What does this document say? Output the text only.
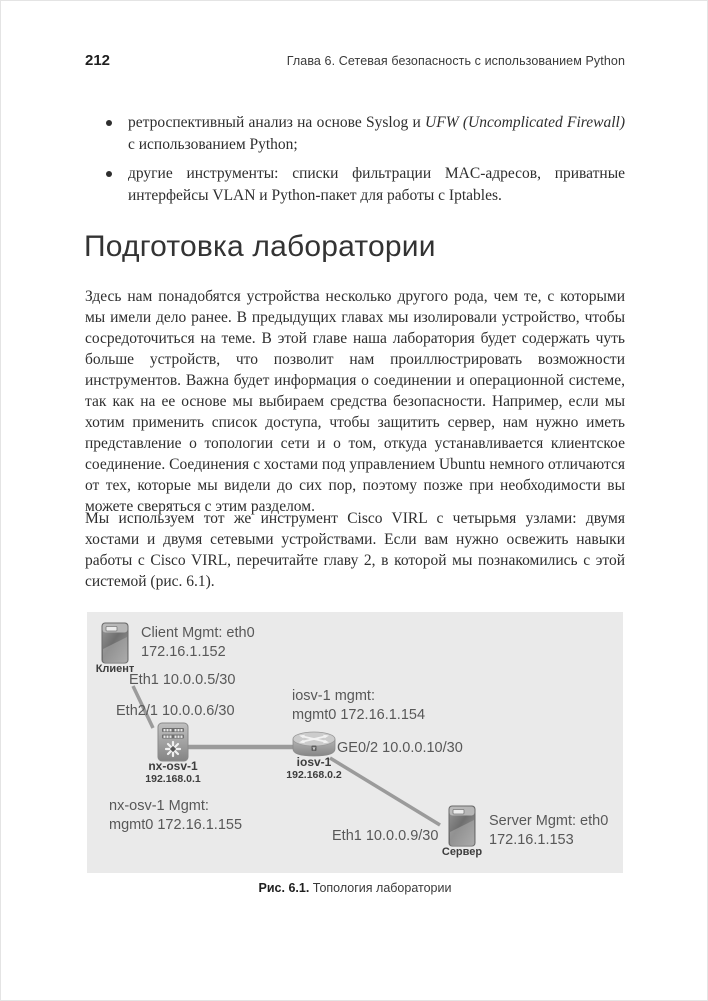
212	Глава 6. Сетевая безопасность с использованием Python
ретроспективный анализ на основе Syslog и UFW (Uncomplicated Firewall) с использованием Python;
другие инструменты: списки фильтрации MAC-адресов, приватные интерфейсы VLAN и Python-пакет для работы с Iptables.
Подготовка лаборатории

Здесь нам понадобятся устройства несколько другого рода, чем те, с которыми мы имели дело ранее. В предыдущих главах мы изолировали устройство, чтобы сосредоточиться на теме. В этой главе наша лаборатория будет содержать чуть больше устройств, что позволит нам проиллюстрировать возможности инструментов. Важна будет информация о соединении и операционной системе, так как на ее основе мы выбираем средства безопасности. Например, если мы хотим применить список доступа, чтобы защитить сервер, нам нужно иметь представление о топологии сети и о том, откуда устанавливается клиентское соединение. Соединения с хостами под управлением Ubuntu немного отличаются от тех, которые мы видели до сих пор, поэтому позже при необходимости вы можете сверяться с этим разделом.

Мы используем тот же инструмент Cisco VIRL с четырьмя узлами: двумя хостами и двумя сетевыми устройствами. Если вам нужно освежить навыки работы с Cisco VIRL, перечитайте главу 2, в которой мы познакомились с этой системой (рис. 6.1).

Клиент
Client Mgmt: eth0
172.16.1.152
Eth1 10.0.0.5/30
Eth2/1 10.0.0.6/30
nx-osv-1
192.168.0.1
nx-osv-1 Mgmt:
mgmt0 172.16.1.155
iosv-1 mgmt:
mgmt0 172.16.1.154
iosv-1
192.168.0.2
GE0/2 10.0.0.10/30
Eth1 10.0.0.9/30
Сервер
Server Mgmt: eth0
172.16.1.153
Рис. 6.1. Топология лаборатории
